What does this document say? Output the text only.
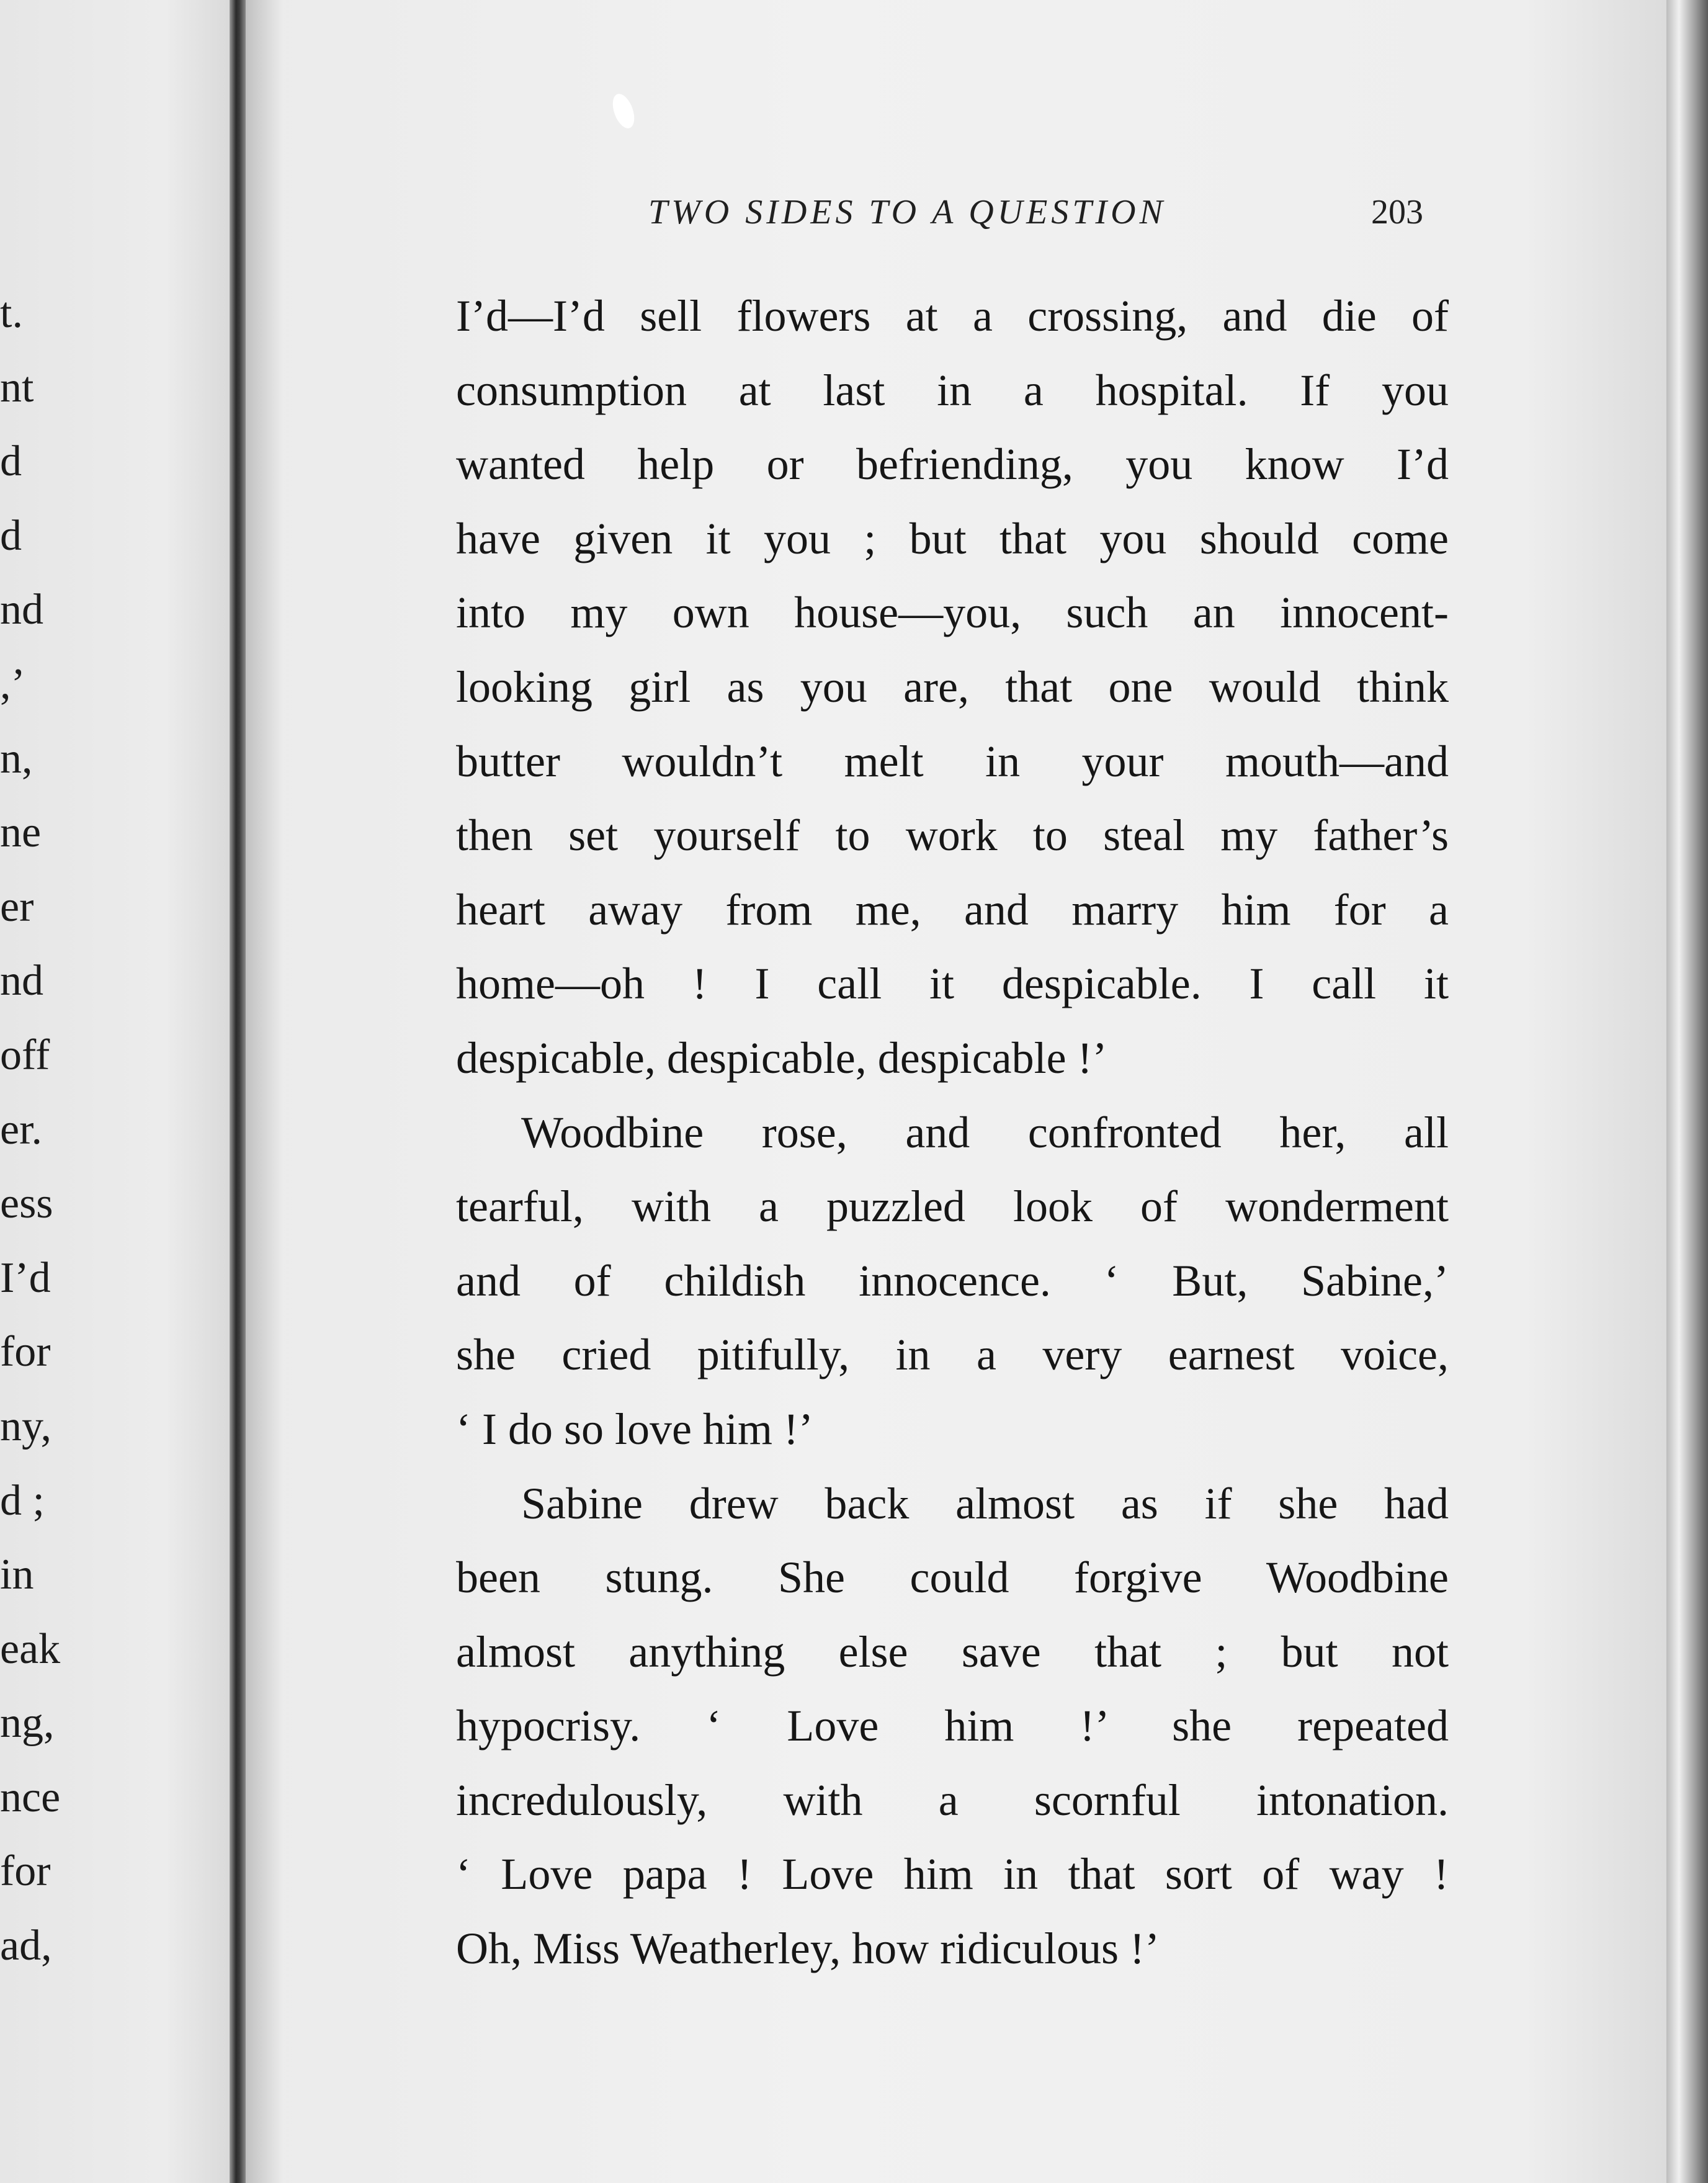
t.
nt
d
d
nd
,’
n,
ne
er
nd
off
er.
ess
I’d
for
ny,
d ;
in
eak
ng,
nce
for
ad,
TWO SIDES TO A QUESTION	203
I’d—I’d sell flowers at a crossing, and die of
consumption at last in a hospital. If you
wanted help or befriending, you know I’d
have given it you ; but that you should come
into my own house—you, such an innocent-
looking girl as you are, that one would think
butter wouldn’t melt in your mouth—and
then set yourself to work to steal my father’s
heart away from me, and marry him for a
home—oh ! I call it despicable. I call it
despicable, despicable, despicable !’
Woodbine rose, and confronted her, all
tearful, with a puzzled look of wonderment
and of childish innocence. ‘ But, Sabine,’
she cried pitifully, in a very earnest voice,
‘ I do so love him !’
Sabine drew back almost as if she had
been stung. She could forgive Woodbine
almost anything else save that ; but not
hypocrisy. ‘ Love him !’ she repeated
incredulously, with a scornful intonation.
‘ Love papa ! Love him in that sort of way !
Oh, Miss Weatherley, how ridiculous !’
